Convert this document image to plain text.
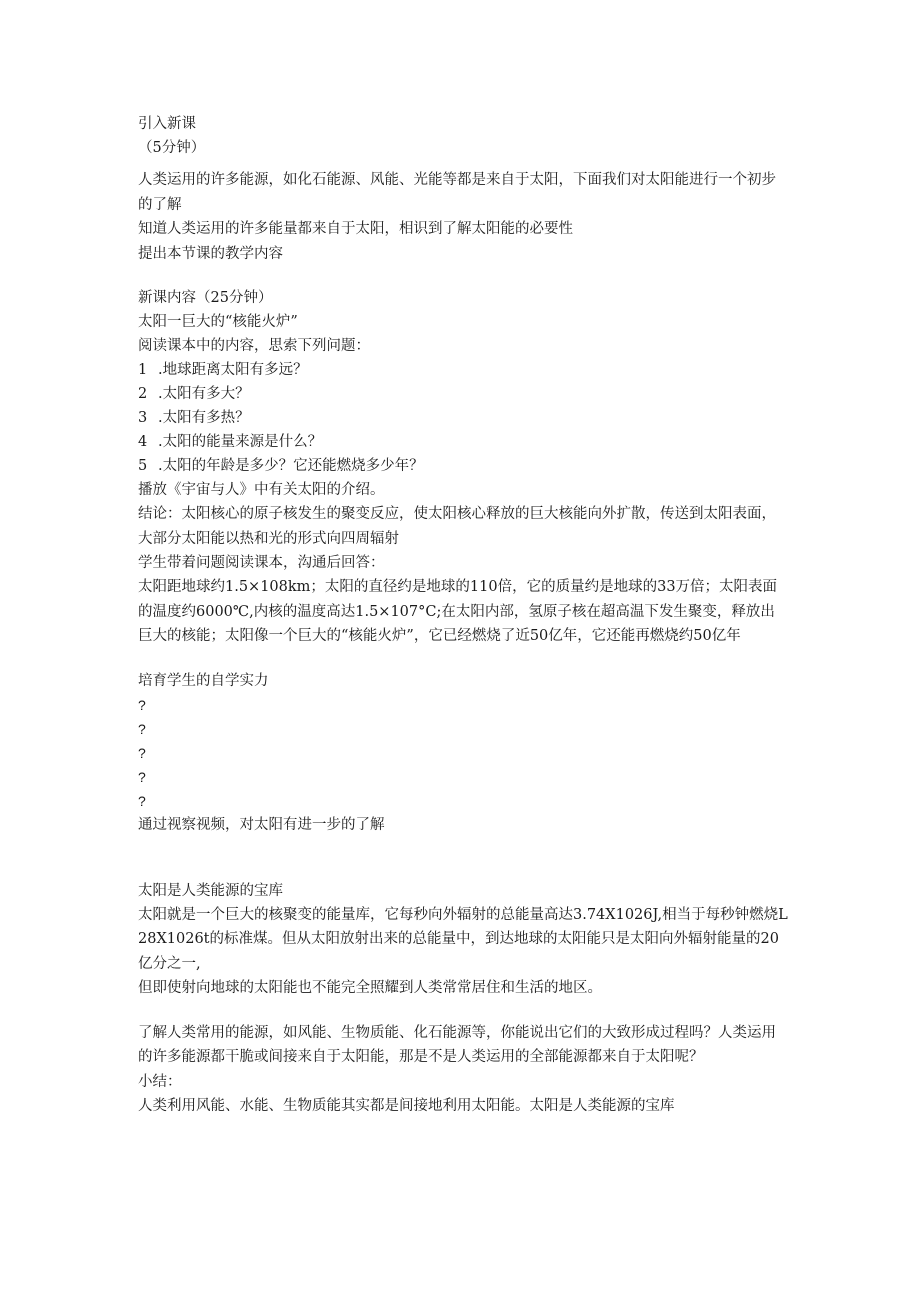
引入新课
（5分钟）
人类运用的许多能源，如化石能源、风能、光能等都是来自于太阳，下面我们对太阳能进行一个初步的了解
知道人类运用的许多能量都来自于太阳，相识到了解太阳能的必要性
提出本节课的教学内容
新课内容（25分钟）
太阳一巨大的“核能火炉”
阅读课本中的内容，思索下列问题：
1 .地球距离太阳有多远？
2 .太阳有多大？
3 .太阳有多热？
4 .太阳的能量来源是什么？
5 .太阳的年龄是多少？它还能燃烧多少年？
播放《宇宙与人》中有关太阳的介绍。
结论：太阳核心的原子核发生的聚变反应，使太阳核心释放的巨大核能向外扩散，传送到太阳表面，大部分太阳能以热和光的形式向四周辐射
学生带着问题阅读课本，沟通后回答：
太阳距地球约1.5×108km；太阳的直径约是地球的110倍，它的质量约是地球的33万倍；太阳表面的温度约6000℃,内核的温度高达1.5×107°C;在太阳内部，氢原子核在超高温下发生聚变，释放出巨大的核能；太阳像一个巨大的“核能火炉”，它已经燃烧了近50亿年，它还能再燃烧约50亿年
培育学生的自学实力
?
?
?
?
?
通过视察视频，对太阳有进一步的了解
太阳是人类能源的宝库
太阳就是一个巨大的核聚变的能量库，它每秒向外辐射的总能量高达3.74X1026J,相当于每秒钟燃烧L28X1026t的标准煤。但从太阳放射出来的总能量中，到达地球的太阳能只是太阳向外辐射能量的20亿分之一,
但即使射向地球的太阳能也不能完全照耀到人类常常居住和生活的地区。
了解人类常用的能源，如风能、生物质能、化石能源等，你能说出它们的大致形成过程吗？人类运用的许多能源都干脆或间接来自于太阳能，那是不是人类运用的全部能源都来自于太阳呢？
小结：
人类利用风能、水能、生物质能其实都是间接地利用太阳能。太阳是人类能源的宝库
